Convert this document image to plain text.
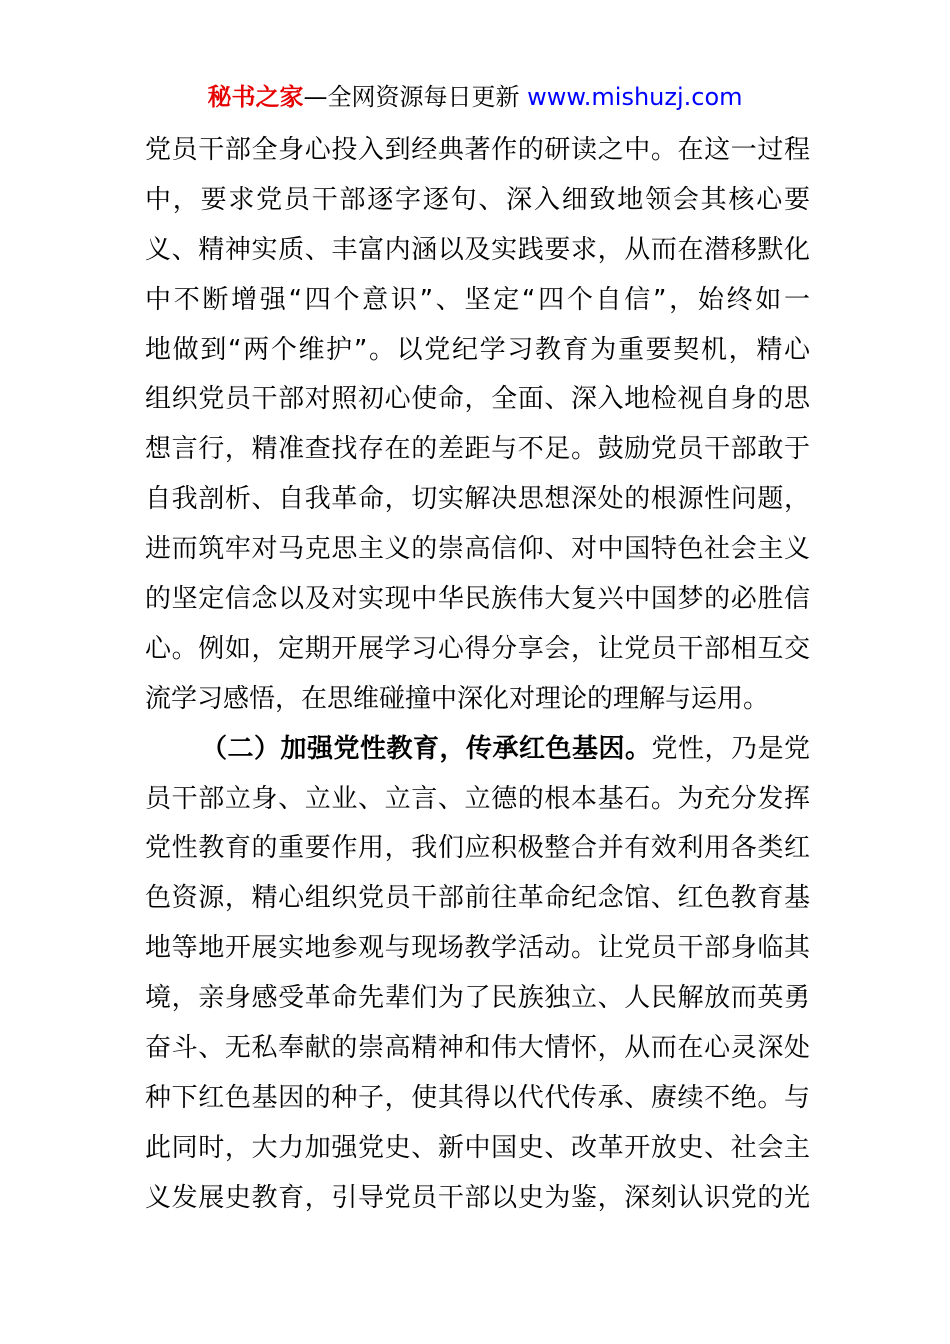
秘书之家—全网资源每日更新 www.mishuzj.com
党员干部全身心投入到经典著作的研读之中。在这一过程
中，要求党员干部逐字逐句、深入细致地领会其核心要
义、精神实质、丰富内涵以及实践要求，从而在潜移默化
中不断增强“四个意识”、坚定“四个自信”，始终如一
地做到“两个维护”。以党纪学习教育为重要契机，精心
组织党员干部对照初心使命，全面、深入地检视自身的思
想言行，精准查找存在的差距与不足。鼓励党员干部敢于
自我剖析、自我革命，切实解决思想深处的根源性问题，
进而筑牢对马克思主义的崇高信仰、对中国特色社会主义
的坚定信念以及对实现中华民族伟大复兴中国梦的必胜信
心。例如，定期开展学习心得分享会，让党员干部相互交
流学习感悟，在思维碰撞中深化对理论的理解与运用。
（二）加强党性教育，传承红色基因。党性，乃是党
员干部立身、立业、立言、立德的根本基石。为充分发挥
党性教育的重要作用，我们应积极整合并有效利用各类红
色资源，精心组织党员干部前往革命纪念馆、红色教育基
地等地开展实地参观与现场教学活动。让党员干部身临其
境，亲身感受革命先辈们为了民族独立、人民解放而英勇
奋斗、无私奉献的崇高精神和伟大情怀，从而在心灵深处
种下红色基因的种子，使其得以代代传承、赓续不绝。与
此同时，大力加强党史、新中国史、改革开放史、社会主
义发展史教育，引导党员干部以史为鉴，深刻认识党的光
